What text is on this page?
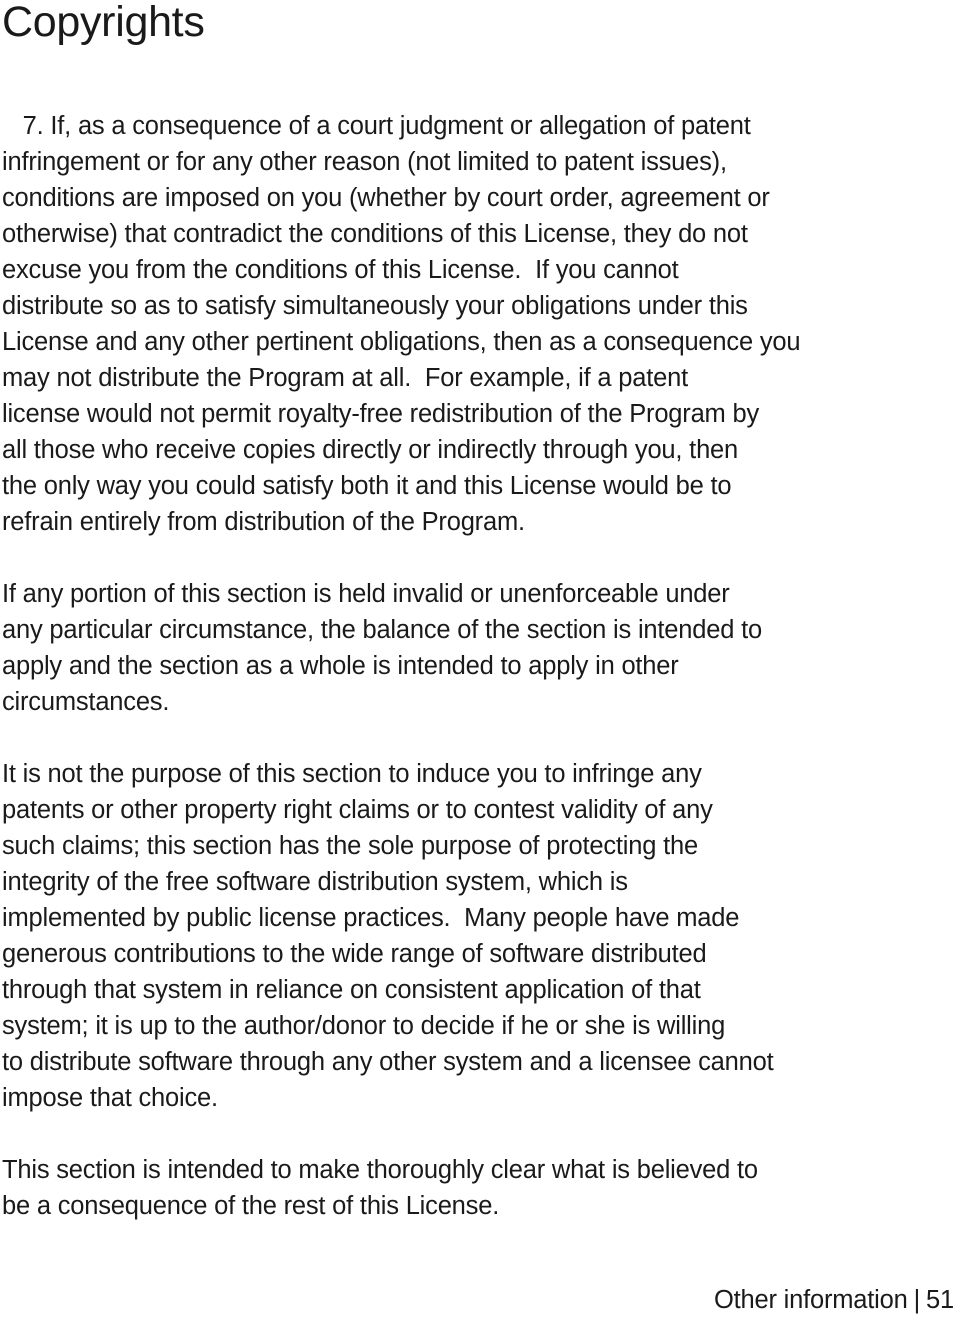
Copyrights

7. If, as a consequence of a court judgment or allegation of patent
infringement or for any other reason (not limited to patent issues),
conditions are imposed on you (whether by court order, agreement or
otherwise) that contradict the conditions of this License, they do not
excuse you from the conditions of this License.  If you cannot
distribute so as to satisfy simultaneously your obligations under this
License and any other pertinent obligations, then as a consequence you
may not distribute the Program at all.  For example, if a patent
license would not permit royalty-free redistribution of the Program by
all those who receive copies directly or indirectly through you, then
the only way you could satisfy both it and this License would be to
refrain entirely from distribution of the Program.

If any portion of this section is held invalid or unenforceable under
any particular circumstance, the balance of the section is intended to
apply and the section as a whole is intended to apply in other
circumstances.

It is not the purpose of this section to induce you to infringe any
patents or other property right claims or to contest validity of any
such claims; this section has the sole purpose of protecting the
integrity of the free software distribution system, which is
implemented by public license practices.  Many people have made
generous contributions to the wide range of software distributed
through that system in reliance on consistent application of that
system; it is up to the author/donor to decide if he or she is willing
to distribute software through any other system and a licensee cannot
impose that choice.

This section is intended to make thoroughly clear what is believed to
be a consequence of the rest of this License.

Other information | 51
